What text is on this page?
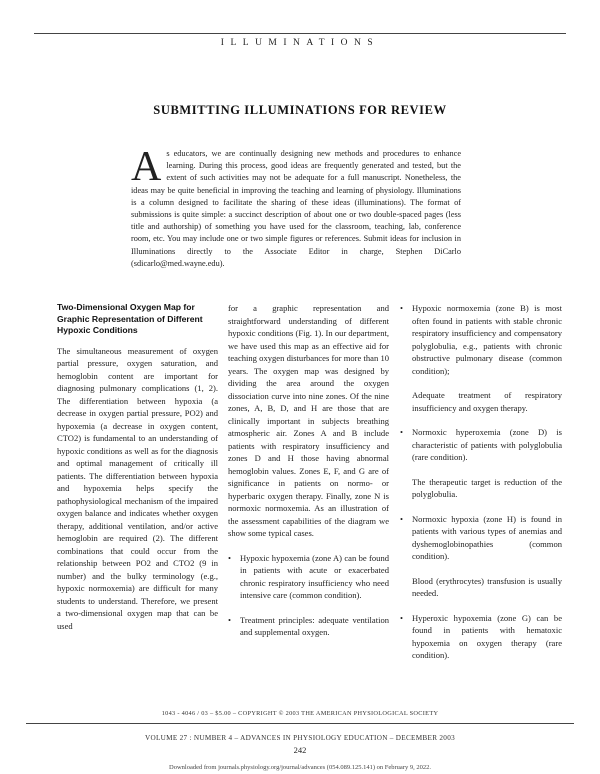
ILLUMINATIONS
SUBMITTING ILLUMINATIONS FOR REVIEW
A s educators, we are continually designing new methods and procedures to enhance learning. During this process, good ideas are frequently generated and tested, but the extent of such activities may not be adequate for a full manuscript. Nonetheless, the ideas may be quite beneficial in improving the teaching and learning of physiology. Illuminations is a column designed to facilitate the sharing of these ideas (illuminations). The format of submissions is quite simple: a succinct description of about one or two double-spaced pages (less title and authorship) of something you have used for the classroom, teaching, lab, conference room, etc. You may include one or two simple figures or references. Submit ideas for inclusion in Illuminations directly to the Associate Editor in charge, Stephen DiCarlo (sdicarlo@med.wayne.edu).
Two-Dimensional Oxygen Map for Graphic Representation of Different Hypoxic Conditions
The simultaneous measurement of oxygen partial pressure, oxygen saturation, and hemoglobin content are important for diagnosing pulmonary complications (1, 2). The differentiation between hypoxia (a decrease in oxygen partial pressure, PO2) and hypoxemia (a decrease in oxygen content, CTO2) is fundamental to an understanding of hypoxic conditions as well as for the diagnosis and optimal management of critically ill patients. The differentiation between hypoxia and hypoxemia helps specify the pathophysiological mechanism of the impaired oxygen balance and indicates whether oxygen therapy, additional ventilation, and/or active hemoglobin are required (2). The different combinations that could occur from the relationship between PO2 and CTO2 (9 in number) and the bulky terminology (e.g., hypoxic normoxemia) are difficult for many students to understand. Therefore, we present a two-dimensional oxygen map that can be used
for a graphic representation and straightforward understanding of different hypoxic conditions (Fig. 1). In our department, we have used this map as an effective aid for teaching oxygen disturbances for more than 10 years. The oxygen map was designed by dividing the area around the oxygen dissociation curve into nine zones. Of the nine zones, A, B, D, and H are those that are clinically important in subjects breathing atmospheric air. Zones A and B include patients with respiratory insufficiency and zones D and H those having abnormal hemoglobin values. Zones E, F, and G are of significance in patients on normo- or hyperbaric oxygen therapy. Finally, zone N is normoxic normoxemia. As an illustration of the assessment capabilities of the diagram we show some typical cases.
• Hypoxic hypoxemia (zone A) can be found in patients with acute or exacerbated chronic respiratory insufficiency who need intensive care (common condition).
• Treatment principles: adequate ventilation and supplemental oxygen.
• Hypoxic normoxemia (zone B) is most often found in patients with stable chronic respiratory insufficiency and compensatory polyglobulia, e.g., patients with chronic obstructive pulmonary disease (common condition);
Adequate treatment of respiratory insufficiency and oxygen therapy.
• Normoxic hyperoxemia (zone D) is characteristic of patients with polyglobulia (rare condition).
The therapeutic target is reduction of the polyglobulia.
• Normoxic hypoxia (zone H) is found in patients with various types of anemias and dyshemoglobinopathies (common condition).
Blood (erythrocytes) transfusion is usually needed.
• Hyperoxic hypoxemia (zone G) can be found in patients with hematoxic hypoxemia on oxygen therapy (rare condition).
1043 - 4046 / 03 – $5.00 – COPYRIGHT © 2003 THE AMERICAN PHYSIOLOGICAL SOCIETY
VOLUME 27 : NUMBER 4 – ADVANCES IN PHYSIOLOGY EDUCATION – DECEMBER 2003
242
Downloaded from journals.physiology.org/journal/advances (054.089.125.141) on February 9, 2022.
